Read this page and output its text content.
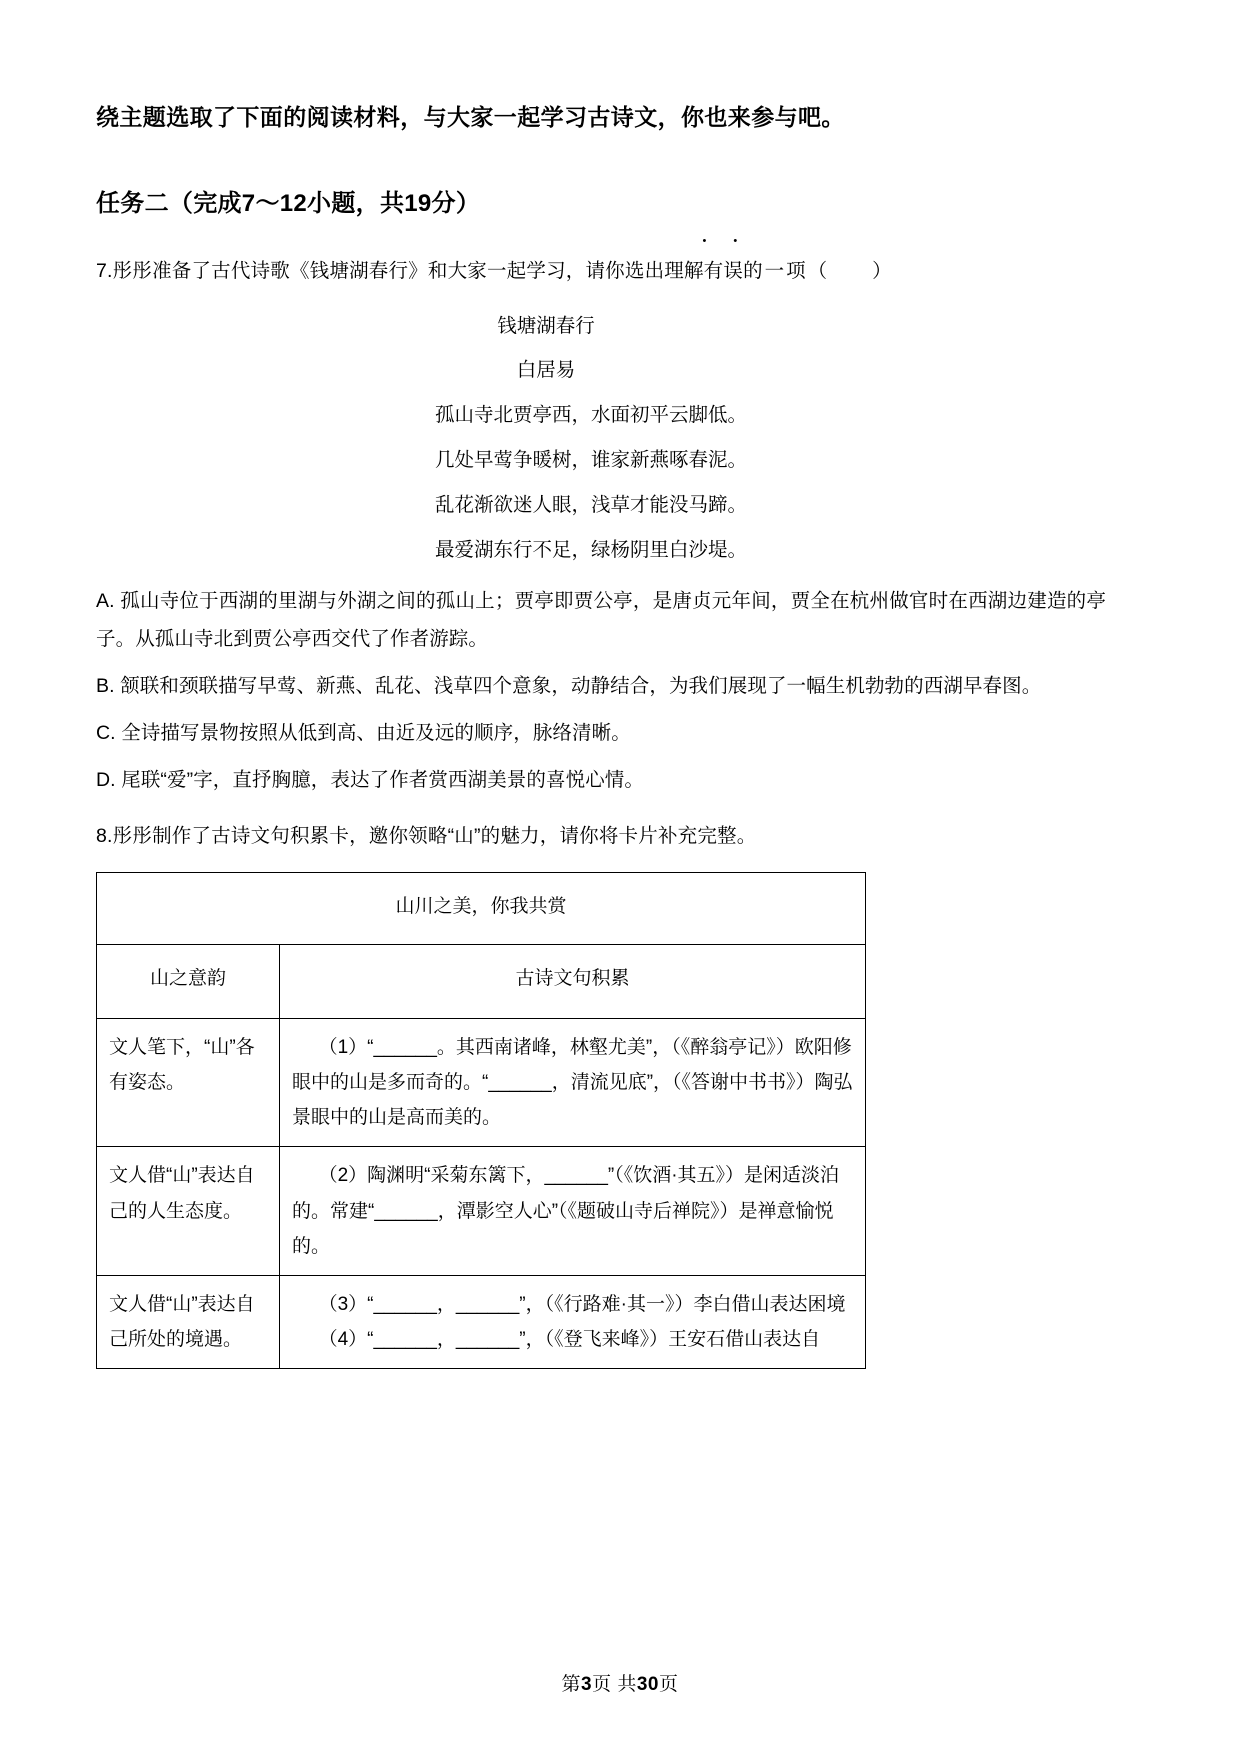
绕主题选取了下面的阅读材料，与大家一起学习古诗文，你也来参与吧。

任务二（完成7～12小题，共19分）

7.彤彤准备了古代诗歌《钱塘湖春行》和大家一起学习，请你选出理解•  • 有误的一项（　　）

钱塘湖春行

白居易

孤山寺北贾亭西，水面初平云脚低。

几处早莺争暖树，谁家新燕啄春泥。

乱花渐欲迷人眼，浅草才能没马蹄。

最爱湖东行不足，绿杨阴里白沙堤。

A. 孤山寺位于西湖的里湖与外湖之间的孤山上；贾亭即贾公亭，是唐贞元年间，贾全在杭州做官时在西湖边建造的亭子。从孤山寺北到贾公亭西交代了作者游踪。

B. 颔联和颈联描写早莺、新燕、乱花、浅草四个意象，动静结合，为我们展现了一幅生机勃勃的西湖早春图。

C. 全诗描写景物按照从低到高、由近及远的顺序，脉络清晰。

D. 尾联“爱”字，直抒胸臆，表达了作者赏西湖美景的喜悦心情。

8.彤彤制作了古诗文句积累卡，邀你领略“山”的魅力，请你将卡片补充完整。

山川之美，你我共赏	
山之意韵	古诗文句积累
文人笔下，“山”各有姿态。	（1）“______。其西南诸峰，林壑尤美”，（《醉翁亭记》）欧阳修眼中的山是多而奇的。“______，清流见底”，（《答谢中书书》）陶弘景眼中的山是高而美的。

文人借“山”表达自己的人生态度。	（2）陶渊明“采菊东篱下，______”（《饮酒·其五》）是闲适淡泊的。常建“______，潭影空人心”（《题破山寺后禅院》）是禅意愉悦的。

文人借“山”表达自己所处的境遇。	（3）“______，______”，（《行路难·其一》）李白借山表达困境

（4）“______，______”，（《登飞来峰》）王安石借山表达自

第3页 共30页
